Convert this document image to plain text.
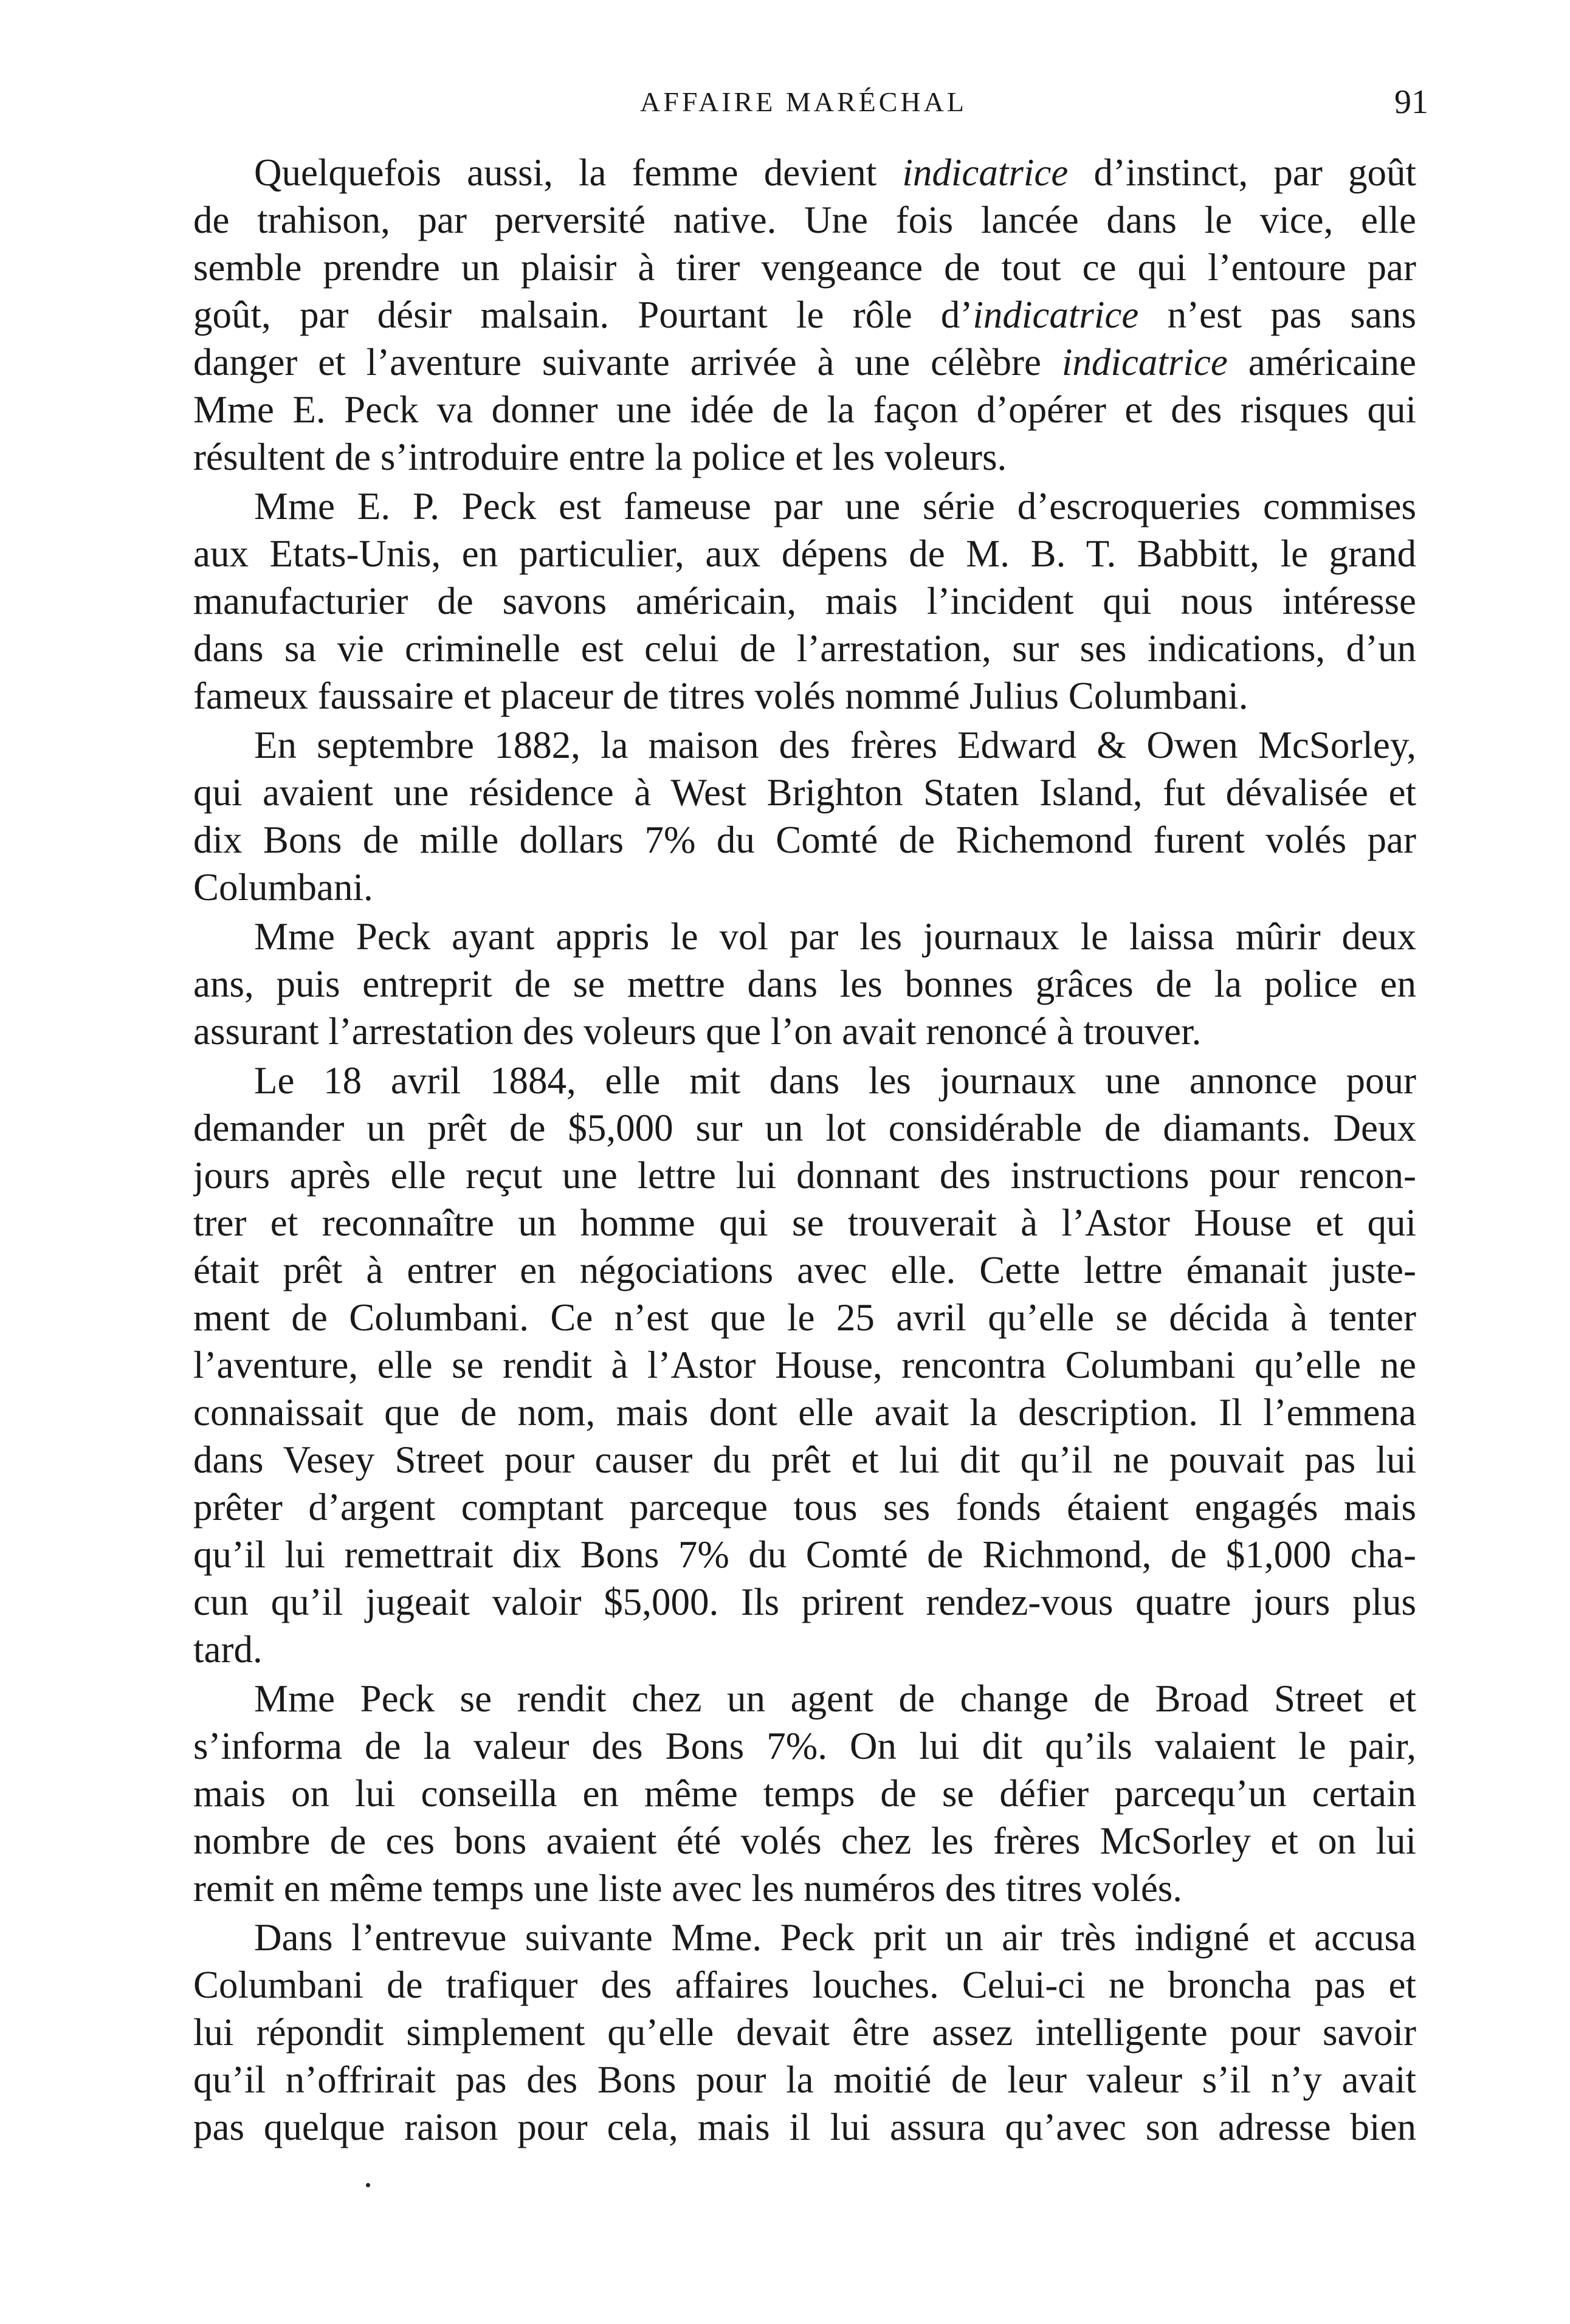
AFFAIRE MARÉCHAL	91
Quelquefois aussi, la femme devient indicatrice d’instinct, par goût
de trahison, par perversité native. Une fois lancée dans le vice, elle
semble prendre un plaisir à tirer vengeance de tout ce qui l’entoure par
goût, par désir malsain. Pourtant le rôle d’indicatrice n’est pas sans
danger et l’aventure suivante arrivée à une célèbre indicatrice américaine
Mme E. Peck va donner une idée de la façon d’opérer et des risques qui
résultent de s’introduire entre la police et les voleurs.
Mme E. P. Peck est fameuse par une série d’escroqueries commises
aux Etats-Unis, en particulier, aux dépens de M. B. T. Babbitt, le grand
manufacturier de savons américain, mais l’incident qui nous intéresse
dans sa vie criminelle est celui de l’arrestation, sur ses indications, d’un
fameux faussaire et placeur de titres volés nommé Julius Columbani.
En septembre 1882, la maison des frères Edward & Owen McSorley,
qui avaient une résidence à West Brighton Staten Island, fut dévalisée et
dix Bons de mille dollars 7% du Comté de Richemond furent volés par
Columbani.
Mme Peck ayant appris le vol par les journaux le laissa mûrir deux
ans, puis entreprit de se mettre dans les bonnes grâces de la police en
assurant l’arrestation des voleurs que l’on avait renoncé à trouver.
Le 18 avril 1884, elle mit dans les journaux une annonce pour
demander un prêt de $5,000 sur un lot considérable de diamants. Deux
jours après elle reçut une lettre lui donnant des instructions pour rencon-
trer et reconnaître un homme qui se trouverait à l’Astor House et qui
était prêt à entrer en négociations avec elle. Cette lettre émanait juste-
ment de Columbani. Ce n’est que le 25 avril qu’elle se décida à tenter
l’aventure, elle se rendit à l’Astor House, rencontra Columbani qu’elle ne
connaissait que de nom, mais dont elle avait la description. Il l’emmena
dans Vesey Street pour causer du prêt et lui dit qu’il ne pouvait pas lui
prêter d’argent comptant parceque tous ses fonds étaient engagés mais
qu’il lui remettrait dix Bons 7% du Comté de Richmond, de $1,000 cha-
cun qu’il jugeait valoir $5,000. Ils prirent rendez-vous quatre jours plus
tard.
Mme Peck se rendit chez un agent de change de Broad Street et
s’informa de la valeur des Bons 7%. On lui dit qu’ils valaient le pair,
mais on lui conseilla en même temps de se défier parcequ’un certain
nombre de ces bons avaient été volés chez les frères McSorley et on lui
remit en même temps une liste avec les numéros des titres volés.
Dans l’entrevue suivante Mme. Peck prit un air très indigné et accusa
Columbani de trafiquer des affaires louches. Celui-ci ne broncha pas et
lui répondit simplement qu’elle devait être assez intelligente pour savoir
qu’il n’offrirait pas des Bons pour la moitié de leur valeur s’il n’y avait
pas quelque raison pour cela, mais il lui assura qu’avec son adresse bien
